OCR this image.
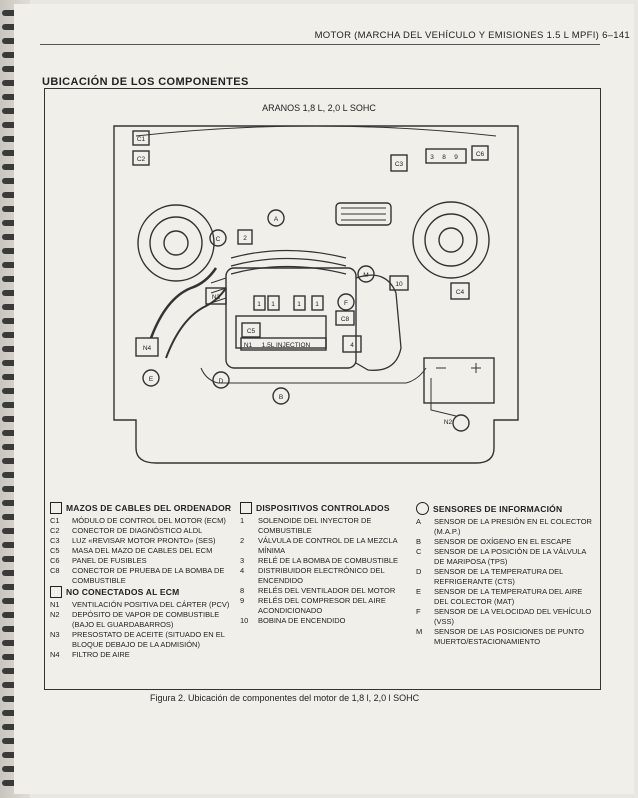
MOTOR (MARCHA DEL VEHÍCULO Y EMISIONES 1.5 L MPFI) 6–141
UBICACIÓN DE LOS COMPONENTES
ARANOS 1,8 L, 2,0 L SOHC
C1
C2
C3
3 8 9	C6
C4
A
C	2
M
10
N3
1 1	1 1	F
C8
C5
N1 1.5L INJECTION	4
N4
E	D
B
N2
MAZOS DE CABLES DEL ORDENADOR
C1	MÓDULO DE CONTROL DEL MOTOR (ECM)
C2	CONECTOR DE DIAGNÓSTICO ALDL
C3	LUZ «REVISAR MOTOR PRONTO» (SES)
C5	MASA DEL MAZO DE CABLES DEL ECM
C6	PANEL DE FUSIBLES
C8	CONECTOR DE PRUEBA DE LA BOMBA DE COMBUSTIBLE
NO CONECTADOS AL ECM
N1	VENTILACIÓN POSITIVA DEL CÁRTER (PCV)
N2	DEPÓSITO DE VAPOR DE COMBUSTIBLE (BAJO EL GUARDABARROS)
N3	PRESOSTATO DE ACEITE (SITUADO EN EL BLOQUE DEBAJO DE LA ADMISIÓN)
N4	FILTRO DE AIRE
DISPOSITIVOS CONTROLADOS
1	SOLENOIDE DEL INYECTOR DE COMBUSTIBLE
2	VÁLVULA DE CONTROL DE LA MEZCLA MÍNIMA
3	RELÉ DE LA BOMBA DE COMBUSTIBLE
4	DISTRIBUIDOR ELECTRÓNICO DEL ENCENDIDO
8	RELÉS DEL VENTILADOR DEL MOTOR
9	RELÉS DEL COMPRESOR DEL AIRE ACONDICIONADO
10	BOBINA DE ENCENDIDO
SENSORES DE INFORMACIÓN
A	SENSOR DE LA PRESIÓN EN EL COLECTOR (M.A.P.)
B	SENSOR DE OXÍGENO EN EL ESCAPE
C	SENSOR DE LA POSICIÓN DE LA VÁLVULA DE MARIPOSA (TPS)
D	SENSOR DE LA TEMPERATURA DEL REFRIGERANTE (CTS)
E	SENSOR DE LA TEMPERATURA DEL AIRE DEL COLECTOR (MAT)
F	SENSOR DE LA VELOCIDAD DEL VEHÍCULO (VSS)
M	SENSOR DE LAS POSICIONES DE PUNTO MUERTO/ESTACIONAMIENTO
Figura 2. Ubicación de componentes del motor de 1,8 l, 2,0 l SOHC
